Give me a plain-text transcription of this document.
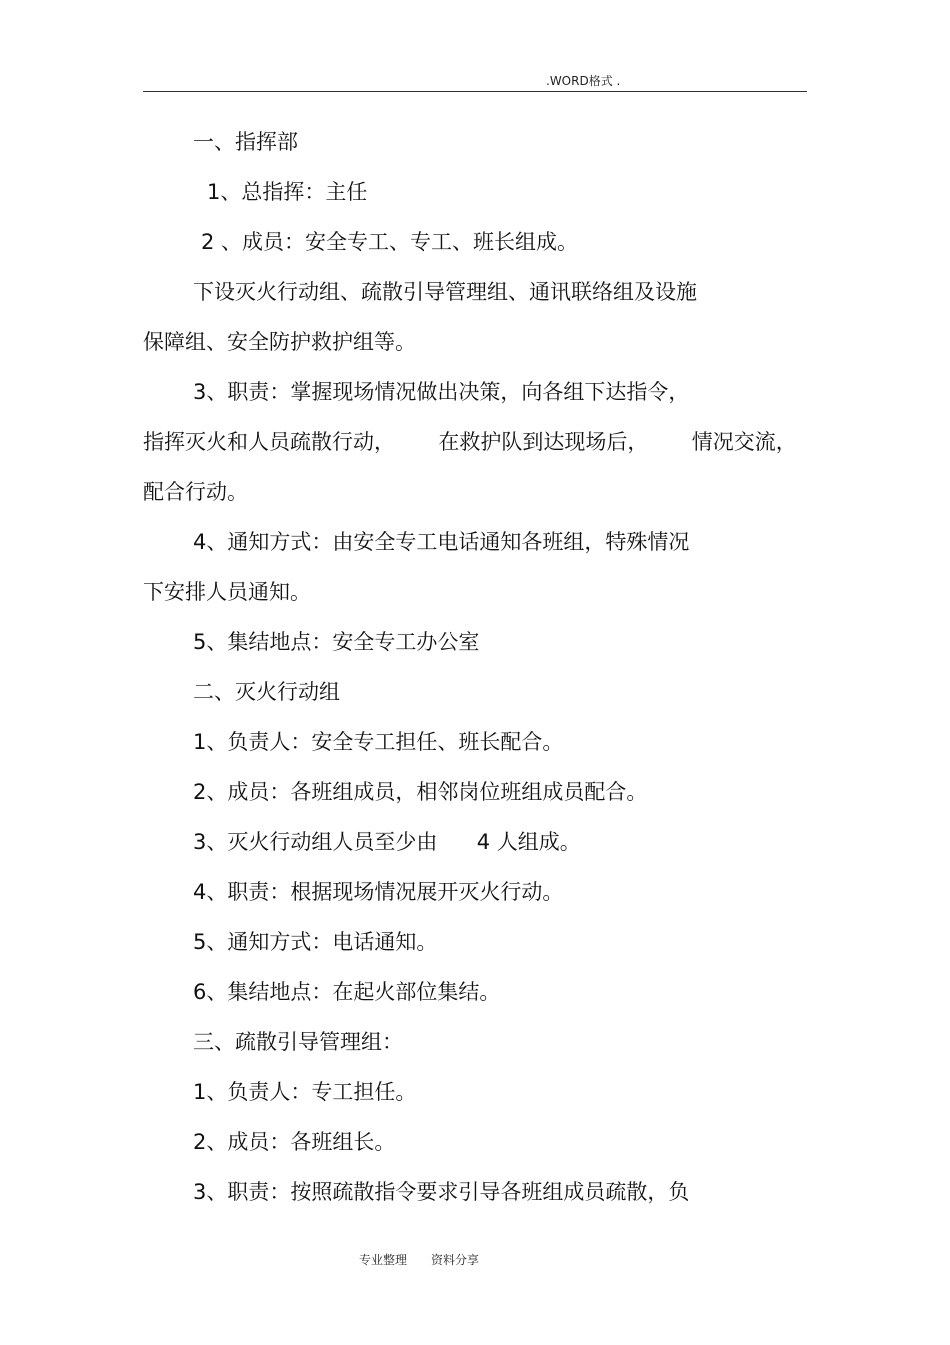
.WORD格式 .
一、指挥部
1、总指挥：主任
2 、成员：安全专工、专工、班长组成。
下设灭火行动组、疏散引导管理组、通讯联络组及设施
保障组、安全防护救护组等。
3、职责：掌握现场情况做出决策，向各组下达指令，
指挥灭火和人员疏散行动， 在救护队到达现场后， 情况交流，
配合行动。
4、通知方式：由安全专工电话通知各班组，特殊情况
下安排人员通知。
5、集结地点：安全专工办公室
二、灭火行动组
1、负责人：安全专工担任、班长配合。
2、成员：各班组成员，相邻岗位班组成员配合。
3、灭火行动组人员至少由 4 人组成。
4、职责：根据现场情况展开灭火行动。
5、通知方式：电话通知。
6、集结地点：在起火部位集结。
三、疏散引导管理组：
1、负责人：专工担任。
2、成员：各班组长。
3、职责：按照疏散指令要求引导各班组成员疏散，负
专业整理 资料分享
